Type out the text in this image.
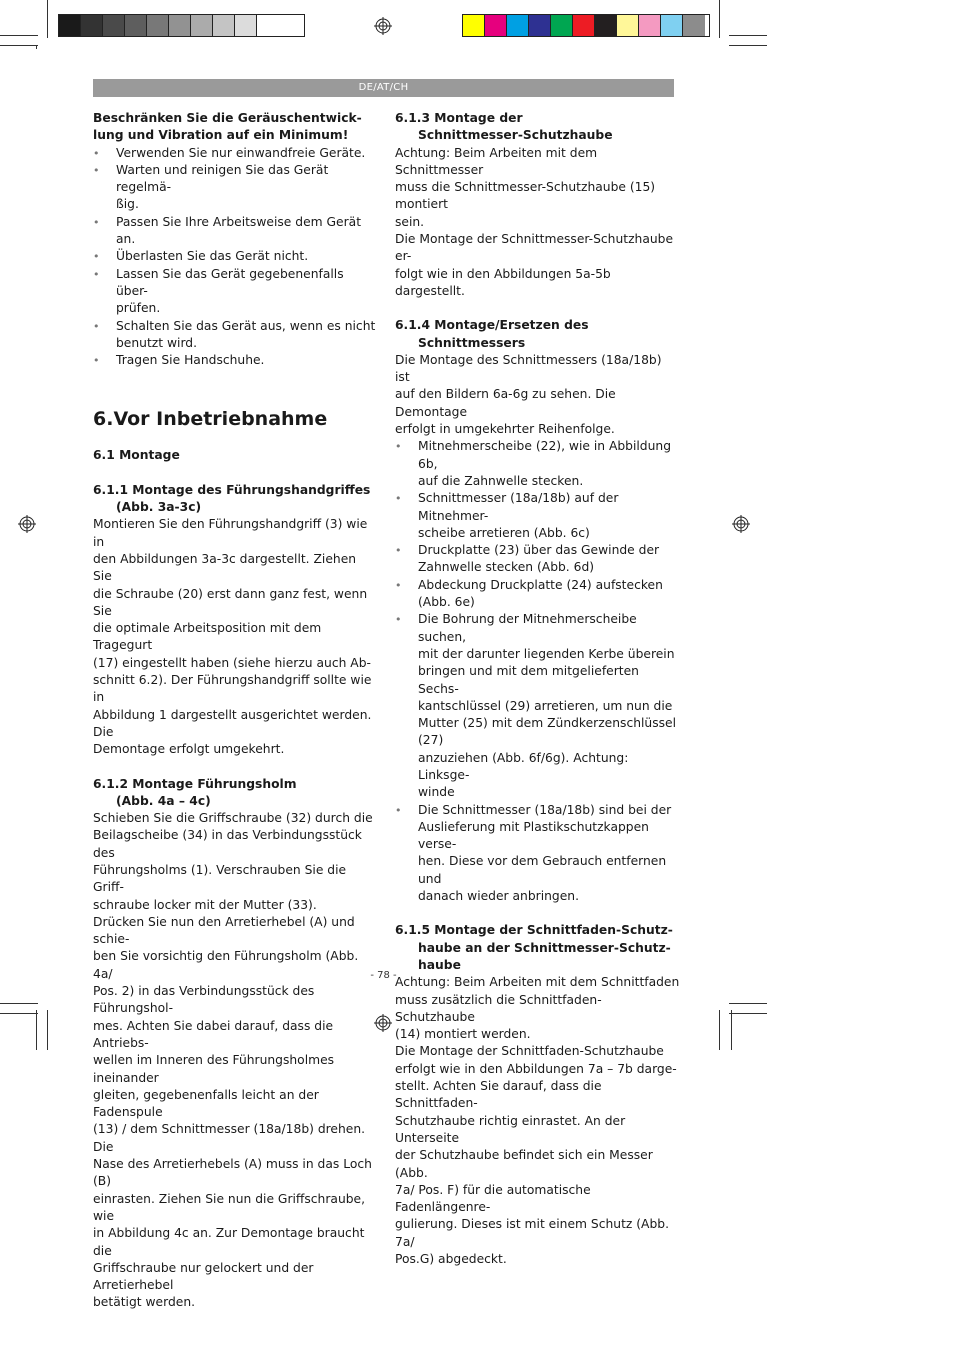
DE/AT/CH

Beschränken Sie die Geräuschentwick-
lung und Vibration auf ein Minimum!

• Verwenden Sie nur einwandfreie Geräte.
• Warten und reinigen Sie das Gerät regelmä-
ßig.
• Passen Sie Ihre Arbeitsweise dem Gerät an.
• Überlasten Sie das Gerät nicht.
• Lassen Sie das Gerät gegebenenfalls über-
prüfen.
• Schalten Sie das Gerät aus, wenn es nicht
benutzt wird.
• Tragen Sie Handschuhe.

6.Vor Inbetriebnahme

6.1 Montage

6.1.1 Montage des Führungshandgriffes
(Abb. 3a-3c)

Montieren Sie den Führungshandgriff (3) wie in

den Abbildungen 3a-3c dargestellt. Ziehen Sie

die Schraube (20) erst dann ganz fest, wenn Sie

die optimale Arbeitsposition mit dem Tragegurt

(17) eingestellt haben (siehe hierzu auch Ab-

schnitt 6.2). Der Führungshandgriff sollte wie in

Abbildung 1 dargestellt ausgerichtet werden. Die

Demontage erfolgt umgekehrt.

6.1.2 Montage Führungsholm
(Abb. 4a – 4c)

Schieben Sie die Griffschraube (32) durch die

Beilagscheibe (34) in das Verbindungsstück des

Führungsholms (1). Verschrauben Sie die Griff-

schraube locker mit der Mutter (33).

Drücken Sie nun den Arretierhebel (A) und schie-

ben Sie vorsichtig den Führungsholm (Abb. 4a/

Pos. 2) in das Verbindungsstück des Führungshol-

mes. Achten Sie dabei darauf, dass die Antriebs-

wellen im Inneren des Führungsholmes ineinander

gleiten, gegebenenfalls leicht an der Fadenspule

(13) / dem Schnittmesser (18a/18b) drehen. Die

Nase des Arretierhebels (A) muss in das Loch (B)

einrasten. Ziehen Sie nun die Griffschraube, wie

in Abbildung 4c an. Zur Demontage braucht die

Griffschraube nur gelockert und der Arretierhebel

betätigt werden.

6.1.3 Montage der
Schnittmesser-Schutzhaube

Achtung: Beim Arbeiten mit dem Schnittmesser

muss die Schnittmesser-Schutzhaube (15) montiert

sein.

Die Montage der Schnittmesser-Schutzhaube er-

folgt wie in den Abbildungen 5a-5b dargestellt.

6.1.4 Montage/Ersetzen des
Schnittmessers

Die Montage des Schnittmessers (18a/18b) ist

auf den Bildern 6a-6g zu sehen. Die Demontage

erfolgt in umgekehrter Reihenfolge.

• Mitnehmerscheibe (22), wie in Abbildung 6b,
auf die Zahnwelle stecken.
• Schnittmesser (18a/18b) auf der Mitnehmer-
scheibe arretieren (Abb. 6c)
• Druckplatte (23) über das Gewinde der
Zahnwelle stecken (Abb. 6d)
• Abdeckung Druckplatte (24) aufstecken
(Abb. 6e)
• Die Bohrung der Mitnehmerscheibe suchen,
mit der darunter liegenden Kerbe überein
bringen und mit dem mitgelieferten Sechs-
kantschlüssel (29) arretieren, um nun die
Mutter (25) mit dem Zündkerzenschlüssel (27)
anzuziehen (Abb. 6f/6g). Achtung: Linksge-
winde
• Die Schnittmesser (18a/18b) sind bei der
Auslieferung mit Plastikschutzkappen verse-
hen. Diese vor dem Gebrauch entfernen und
danach wieder anbringen.

6.1.5 Montage der Schnittfaden-Schutz-
haube an der Schnittmesser-Schutz-
haube

Achtung: Beim Arbeiten mit dem Schnittfaden

muss zusätzlich die Schnittfaden-Schutzhaube

(14) montiert werden.

Die Montage der Schnittfaden-Schutzhaube

erfolgt wie in den Abbildungen 7a – 7b darge-

stellt. Achten Sie darauf, dass die Schnittfaden-

Schutzhaube richtig einrastet. An der Unterseite

der Schutzhaube befindet sich ein Messer (Abb.

7a/ Pos. F) für die automatische Fadenlängenre-

gulierung. Dieses ist mit einem Schutz (Abb. 7a/

Pos.G) abgedeckt.

- 78 -
